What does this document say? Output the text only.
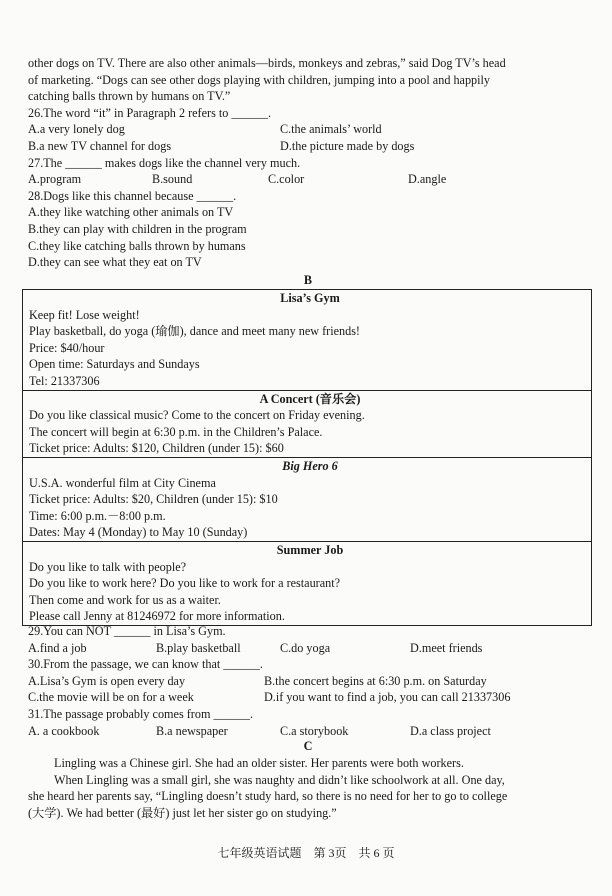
other dogs on TV. There are also other animals—birds, monkeys and zebras,” said Dog TV’s head
of marketing. “Dogs can see other dogs playing with children, jumping into a pool and happily
catching balls thrown by humans on TV.”
26.The word “it” in Paragraph 2 refers to ______.
A.a very lonely dog	C.the animals’ world
B.a new TV channel for dogs	D.the picture made by dogs
27.The ______ makes dogs like the channel very much.
A.program	B.sound	C.color	D.angle
28.Dogs like this channel because ______.
A.they like watching other animals on TV
B.they can play with children in the program
C.they like catching balls thrown by humans
D.they can see what they eat on TV
B
Lisa’s Gym
Keep fit! Lose weight!
Play basketball, do yoga (瑜伽), dance and meet many new friends!
Price: $40/hour
Open time: Saturdays and Sundays
Tel: 21337306
A Concert (音乐会)
Do you like classical music? Come to the concert on Friday evening.
The concert will begin at 6:30 p.m. in the Children’s Palace.
Ticket price: Adults: $120, Children (under 15): $60
Big Hero 6
U.S.A. wonderful film at City Cinema
Ticket price: Adults: $20, Children (under 15): $10
Time: 6:00 p.m.－8:00 p.m.
Dates: May 4 (Monday) to May 10 (Sunday)
Summer Job
Do you like to talk with people?
Do you like to work here? Do you like to work for a restaurant?
Then come and work for us as a waiter.
Please call Jenny at 81246972 for more information.
29.You can NOT ______ in Lisa’s Gym.
A.find a job	B.play basketball	C.do yoga	D.meet friends
30.From the passage, we can know that ______.
A.Lisa’s Gym is open every day	B.the concert begins at 6:30 p.m. on Saturday
C.the movie will be on for a week	D.if you want to find a job, you can call 21337306
31.The passage probably comes from ______.
A. a cookbook	B.a newspaper	C.a storybook	D.a class project
C
Lingling was a Chinese girl. She had an older sister. Her parents were both workers.
When Lingling was a small girl, she was naughty and didn’t like schoolwork at all. One day,
she heard her parents say, “Lingling doesn’t study hard, so there is no need for her to go to college
(大学). We had better (最好) just let her sister go on studying.”
七年级英语试题　第 3页　共 6 页
